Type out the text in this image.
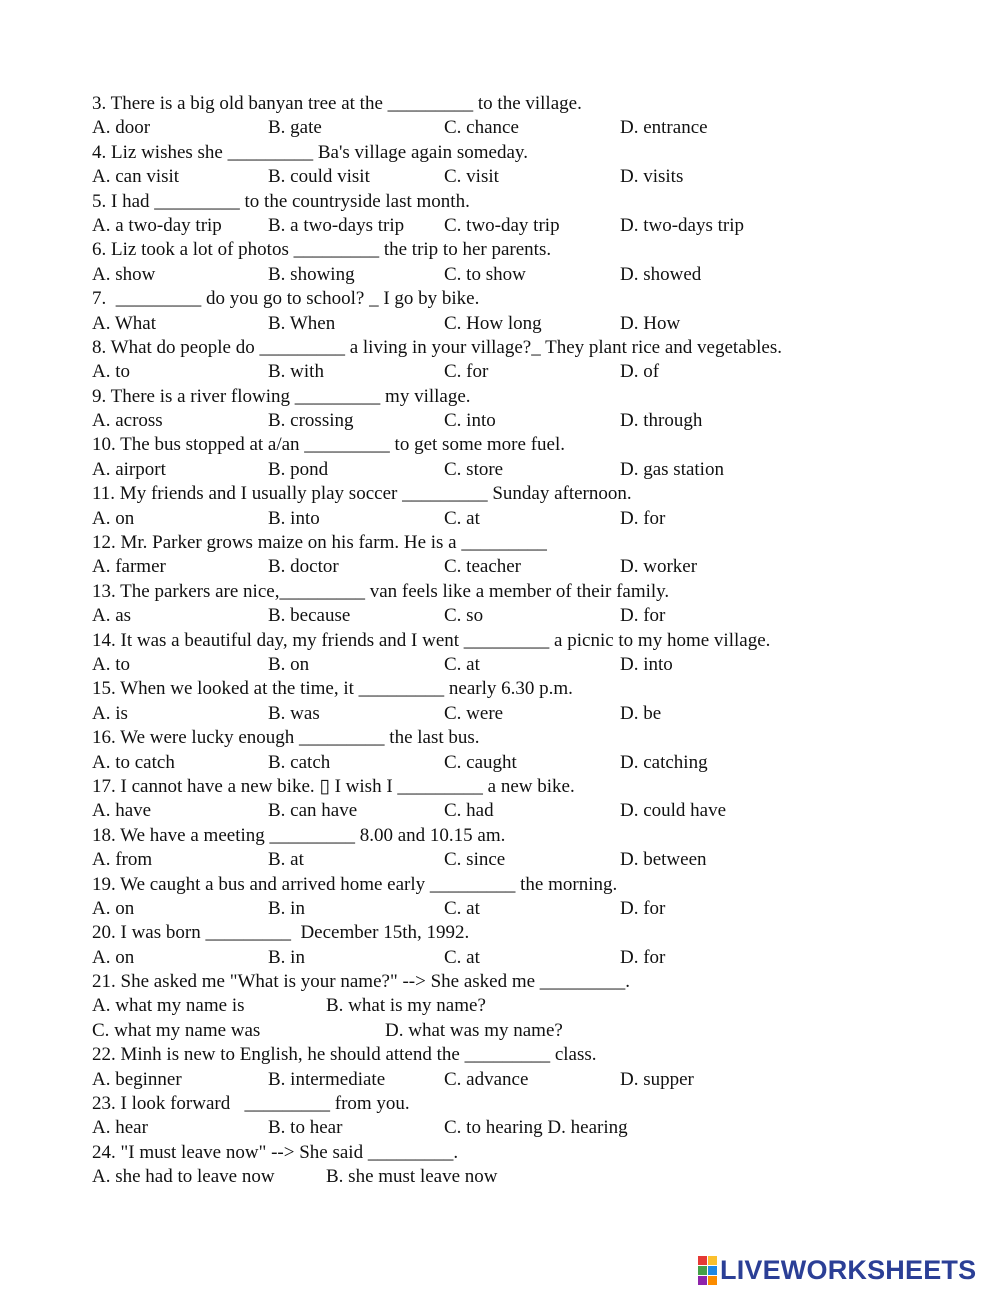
3. There is a big old banyan tree at the _________ to the village.
A. door	B. gate	C. chance	D. entrance
4. Liz wishes she _________ Ba's village again someday.
A. can visit	B. could visit	C. visit	D. visits
5. I had _________ to the countryside last month.
A. a two-day trip B. a two-days trip C. two-day trip	D. two-days trip
6. Liz took a lot of photos _________ the trip to her parents.
A. show	B. showing	C. to show	D. showed
7.  _________ do you go to school? _ I go by bike.
A. What	B. When	C. How long	D. How
8. What do people do _________ a living in your village?_ They plant rice and vegetables.
A. to	B. with	C. for	D. of
9. There is a river flowing _________ my village.
A. across	B. crossing	C. into	D. through
10. The bus stopped at a/an _________ to get some more fuel.
A. airport	B. pond	C. store	D. gas station
11. My friends and I usually play soccer _________ Sunday afternoon.
A. on	B. into	C. at	D. for
12. Mr. Parker grows maize on his farm. He is a _________
A. farmer	B. doctor	C. teacher	D. worker
13. The parkers are nice,_________ van feels like a member of their family.
A. as	B. because	C. so	D. for
14. It was a beautiful day, my friends and I went _________ a picnic to my home village.
A. to	B. on	C. at	D. into
15. When we looked at the time, it _________ nearly 6.30 p.m.
A. is	B. was	C. were	D. be
16. We were lucky enough _________ the last bus.
A. to catch	B. catch	C. caught	D. catching
17. I cannot have a new bike. ▯ I wish I _________ a new bike.
A. have	B. can have	C. had	D. could have
18. We have a meeting _________ 8.00 and 10.15 am.
A. from	B. at	C. since	D. between
19. We caught a bus and arrived home early _________ the morning.
A. on	B. in	C. at	D. for
20. I was born _________  December 15th, 1992.
A. on	B. in	C. at	D. for
21. She asked me "What is your name?" --> She asked me _________.
A. what my name is	B. what is my name?
C. what my name was	D. what was my name?
22. Minh is new to English, he should attend the _________ class.
A. beginner	B. intermediate	C. advance	D. supper
23. I look forward   _________ from you.
A. hear	B. to hear	C. to hearing D. hearing
24. "I must leave now" --> She said _________.
A. she had to leave now	B. she must leave now
LIVEWORKSHEETS
